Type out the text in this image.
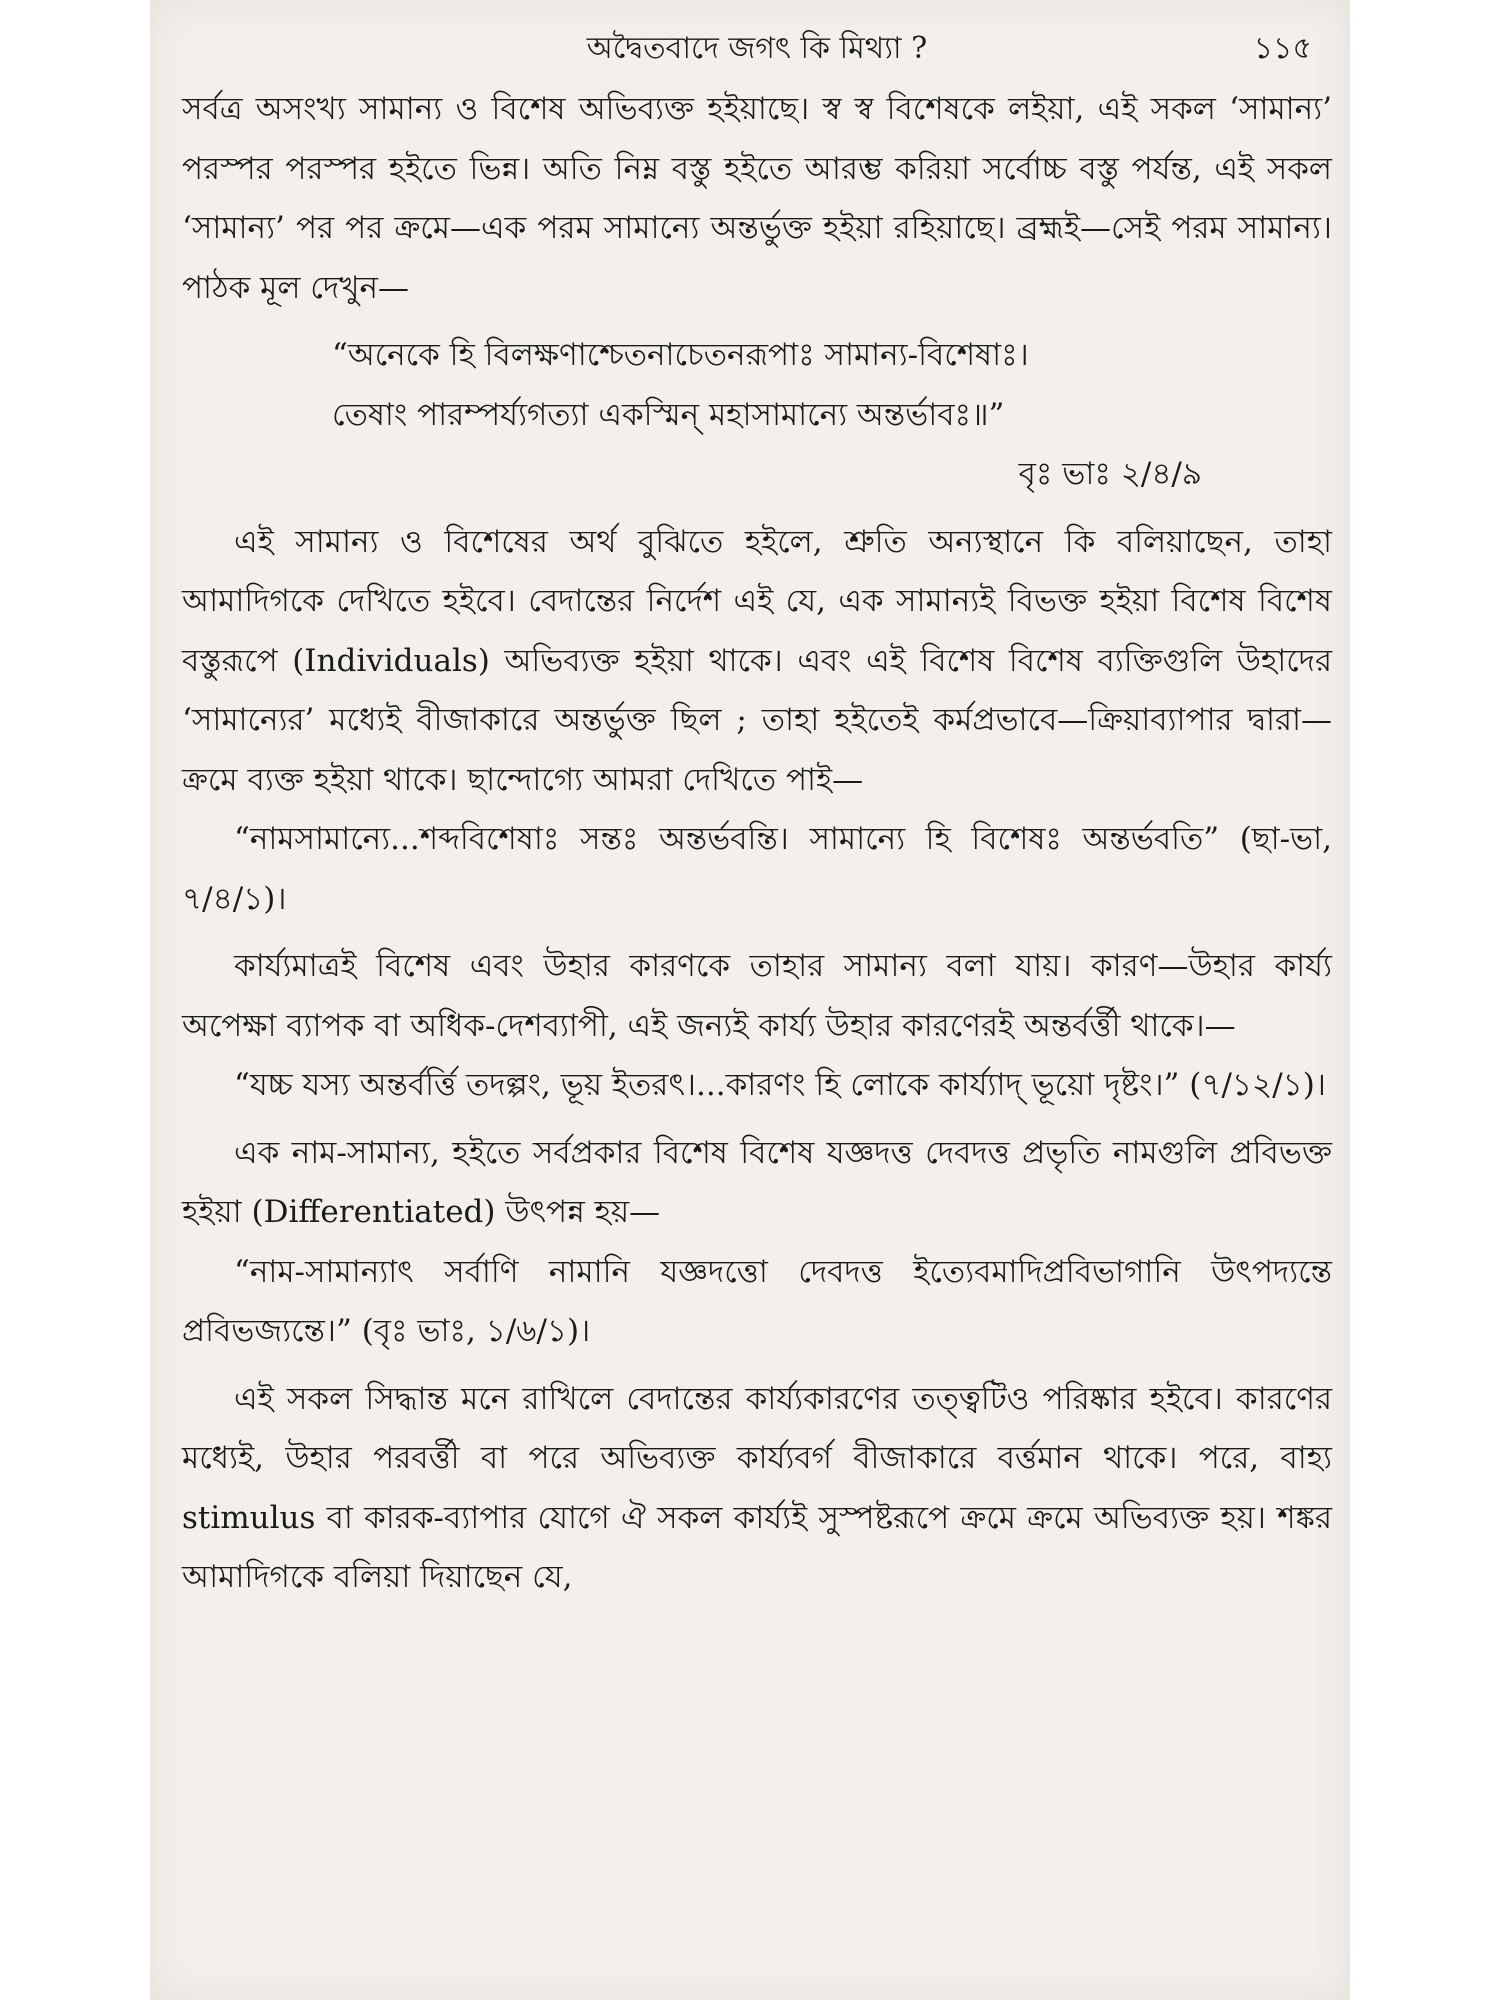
অদ্বৈতবাদে জগৎ কি মিথ্যা ?	১১৫

সর্বত্র অসংখ্য সামান্য ও বিশেষ অভিব্যক্ত হইয়াছে। স্ব স্ব বিশেষকে লইয়া, এই সকল ‘সামান্য’ পরস্পর পরস্পর হইতে ভিন্ন। অতি নিম্ন বস্তু হইতে আরম্ভ করিয়া সর্বোচ্চ বস্তু পর্যন্ত, এই সকল ‘সামান্য’ পর পর ক্রমে—এক পরম সামান্যে অন্তর্ভুক্ত হইয়া রহিয়াছে। ব্রহ্মই—সেই পরম সামান্য। পাঠক মূল দেখুন—

“অনেকে হি বিলক্ষণাশ্চেতনাচেতনরূপাঃ সামান্য-বিশেষাঃ।

তেষাং পারম্পর্য্যগত্যা একস্মিন্ মহাসামান্যে অন্তর্ভাবঃ॥”

বৃঃ ভাঃ ২/৪/৯

এই সামান্য ও বিশেষের অর্থ বুঝিতে হইলে, শ্রুতি অন্যস্থানে কি বলিয়াছেন, তাহা আমাদিগকে দেখিতে হইবে। বেদান্তের নির্দেশ এই যে, এক সামান্যই বিভক্ত হইয়া বিশেষ বিশেষ বস্তুরূপে (Individuals) অভিব্যক্ত হইয়া থাকে। এবং এই বিশেষ বিশেষ ব্যক্তিগুলি উহাদের ‘সামান্যের’ মধ্যেই বীজাকারে অন্তর্ভুক্ত ছিল ; তাহা হইতেই কর্মপ্রভাবে—ক্রিয়াব্যাপার দ্বারা—ক্রমে ব্যক্ত হইয়া থাকে। ছান্দোগ্যে আমরা দেখিতে পাই—

“নামসামান্যে...শব্দবিশেষাঃ সন্তঃ অন্তর্ভবন্তি। সামান্যে হি বিশেষঃ অন্তর্ভবতি” (ছা-ভা, ৭/৪/১)।

কার্য্যমাত্রই বিশেষ এবং উহার কারণকে তাহার সামান্য বলা যায়। কারণ—উহার কার্য্য অপেক্ষা ব্যাপক বা অধিক-দেশব্যাপী, এই জন্যই কার্য্য উহার কারণেরই অন্তর্বর্ত্তী থাকে।—

“যচ্চ যস্য অন্তর্বর্ত্তি তদল্পং, ভূয় ইতরৎ।...কারণং হি লোকে কার্য্যাদ্ ভূয়ো দৃষ্টং।” (৭/১২/১)।

এক নাম-সামান্য, হইতে সর্বপ্রকার বিশেষ বিশেষ যজ্ঞদত্ত দেবদত্ত প্রভৃতি নামগুলি প্রবিভক্ত হইয়া (Differentiated) উৎপন্ন হয়—

“নাম-সামান্যাৎ সর্বাণি নামানি যজ্ঞদত্তো দেবদত্ত ইত্যেবমাদিপ্রবিভাগানি উৎপদ্যন্তে প্রবিভজ্যন্তে।” (বৃঃ ভাঃ, ১/৬/১)।

এই সকল সিদ্ধান্ত মনে রাখিলে বেদান্তের কার্য্যকারণের তত্ত্বটিও পরিষ্কার হইবে। কারণের মধ্যেই, উহার পরবর্ত্তী বা পরে অভিব্যক্ত কার্য্যবর্গ বীজাকারে বর্ত্তমান থাকে। পরে, বাহ্য stimulus বা কারক-ব্যাপার যোগে ঐ সকল কার্য্যই সুস্পষ্টরূপে ক্রমে ক্রমে অভিব্যক্ত হয়। শঙ্কর আমাদিগকে বলিয়া দিয়াছেন যে,
